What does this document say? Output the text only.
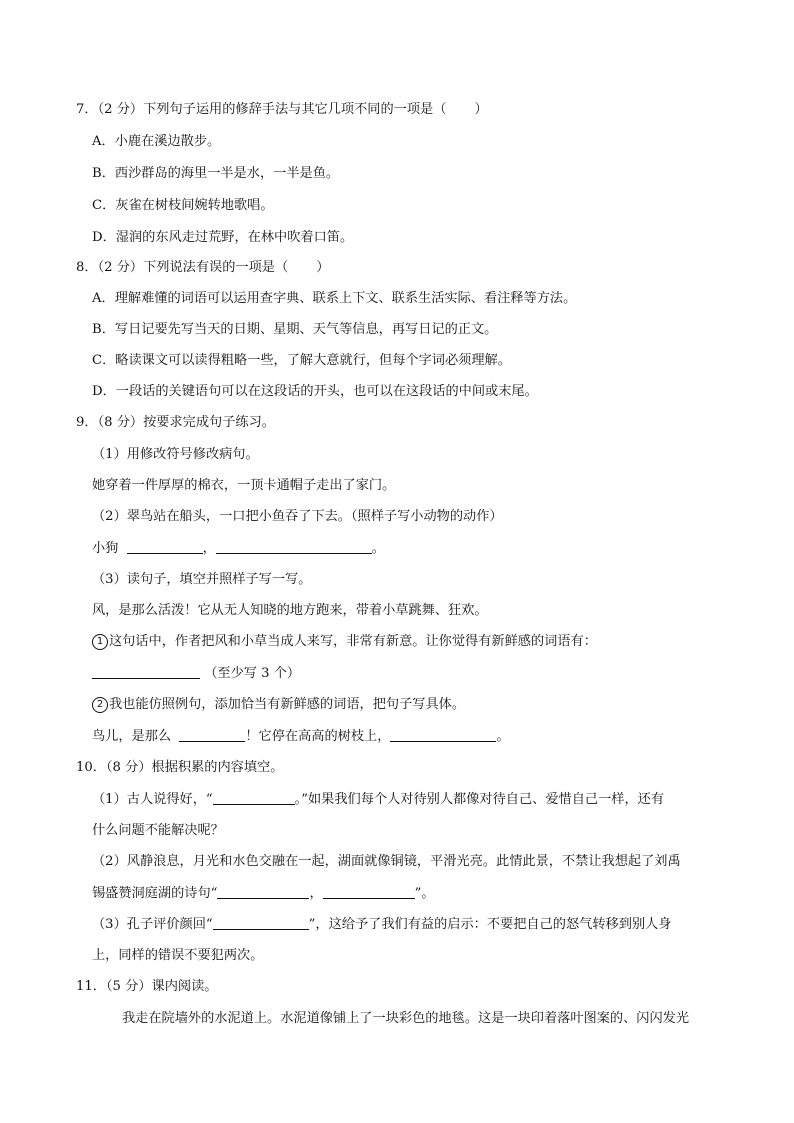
7．（2 分）下列句子运用的修辞手法与其它几项不同的一项是（ ）
A．小鹿在溪边散步。
B．西沙群岛的海里一半是水，一半是鱼。
C．灰雀在树枝间婉转地歌唱。
D．湿润的东风走过荒野，在林中吹着口笛。
8．（2 分）下列说法有误的一项是（ ）
A．理解难懂的词语可以运用查字典、联系上下文、联系生活实际、看注释等方法。
B．写日记要先写当天的日期、星期、天气等信息，再写日记的正文。
C．略读课文可以读得粗略一些，了解大意就行，但每个字词必须理解。
D．一段话的关键语句可以在这段话的开头，也可以在这段话的中间或末尾。
9．（8 分）按要求完成句子练习。
（1）用修改符号修改病句。
她穿着一件厚厚的棉衣，一顶卡通帽子走出了家门。
（2）翠鸟站在船头，一口把小鱼吞了下去。（照样子写小动物的动作）
小狗	，	。
（3）读句子，填空并照样子写一写。
风，是那么活泼！它从无人知晓的地方跑来，带着小草跳舞、狂欢。
1 这句话中，作者把风和小草当成人来写，非常有新意。让你觉得有新鲜感的词语有：
（至少写 3 个）
2 我也能仿照例句，添加恰当有新鲜感的词语，把句子写具体。
鸟儿，是那么	！它停在高高的树枝上，	。
10．（8 分）根据积累的内容填空。
（1）古人说得好，“	。”如果我们每个人对待别人都像对待自己、爱惜自己一样，还有
什么问题不能解决呢？
（2）风静浪息，月光和水色交融在一起，湖面就像铜镜，平滑光亮。此情此景，不禁让我想起了刘禹
锡盛赞洞庭湖的诗句“	，	”。
（3）孔子评价颜回“	”，这给予了我们有益的启示：不要把自己的怒气转移到别人身
上，同样的错误不要犯两次。
11．（5 分）课内阅读。
我走在院墙外的水泥道上。水泥道像铺上了一块彩色的地毯。这是一块印着落叶图案的、闪闪发光
